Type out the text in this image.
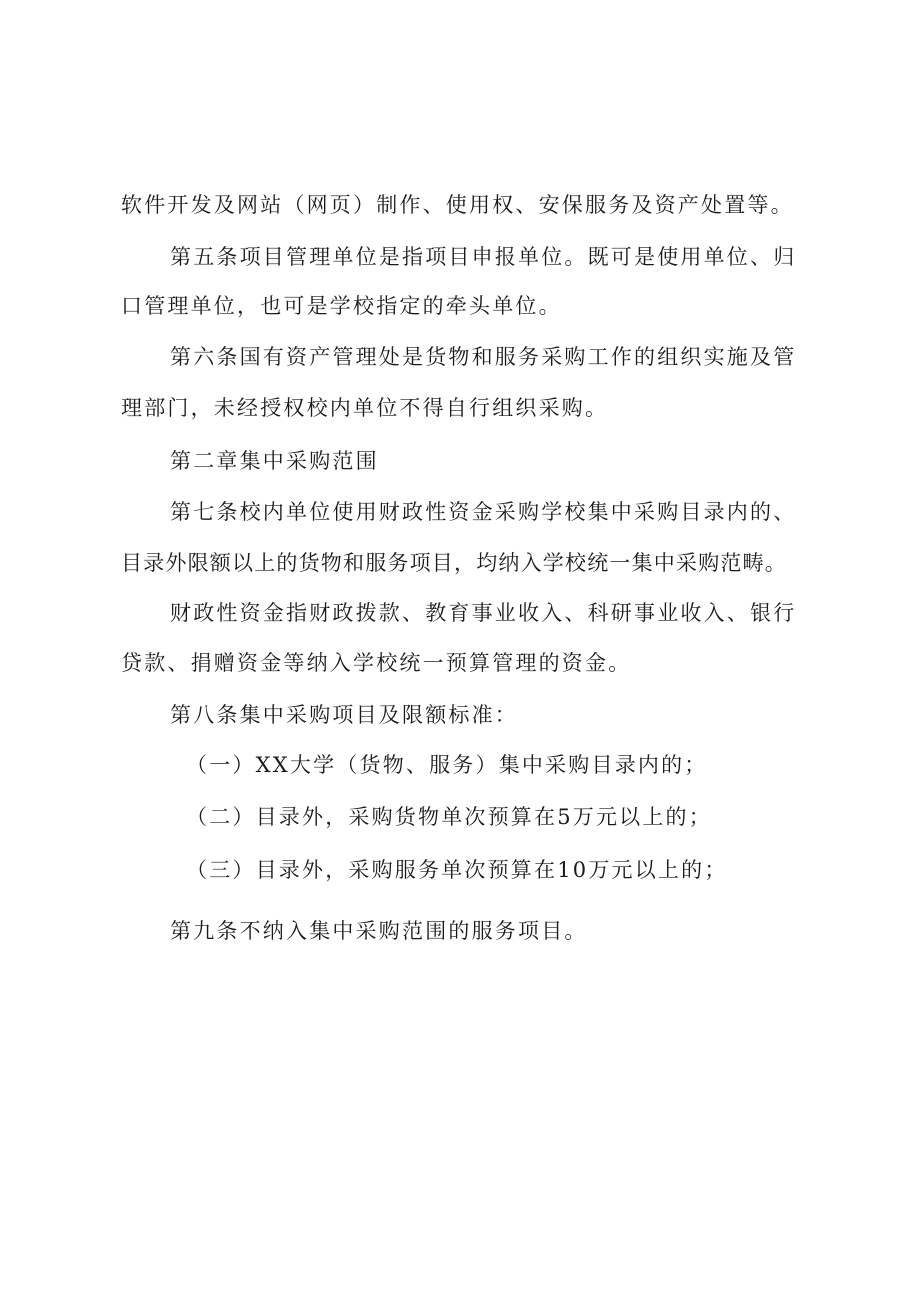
软件开发及网站（网页）制作、使用权、安保服务及资产处置等。
第五条项目管理单位是指项目申报单位。既可是使用单位、归
口管理单位，也可是学校指定的牵头单位。
第六条国有资产管理处是货物和服务采购工作的组织实施及管
理部门，未经授权校内单位不得自行组织采购。
第二章集中采购范围
第七条校内单位使用财政性资金采购学校集中采购目录内的、
目录外限额以上的货物和服务项目，均纳入学校统一集中采购范畴。
财政性资金指财政拨款、教育事业收入、科研事业收入、银行
贷款、捐赠资金等纳入学校统一预算管理的资金。
第八条集中采购项目及限额标准：
（一）XX大学（货物、服务）集中采购目录内的；
（二）目录外，采购货物单次预算在5万元以上的；
（三）目录外，采购服务单次预算在10万元以上的；
第九条不纳入集中采购范围的服务项目。
